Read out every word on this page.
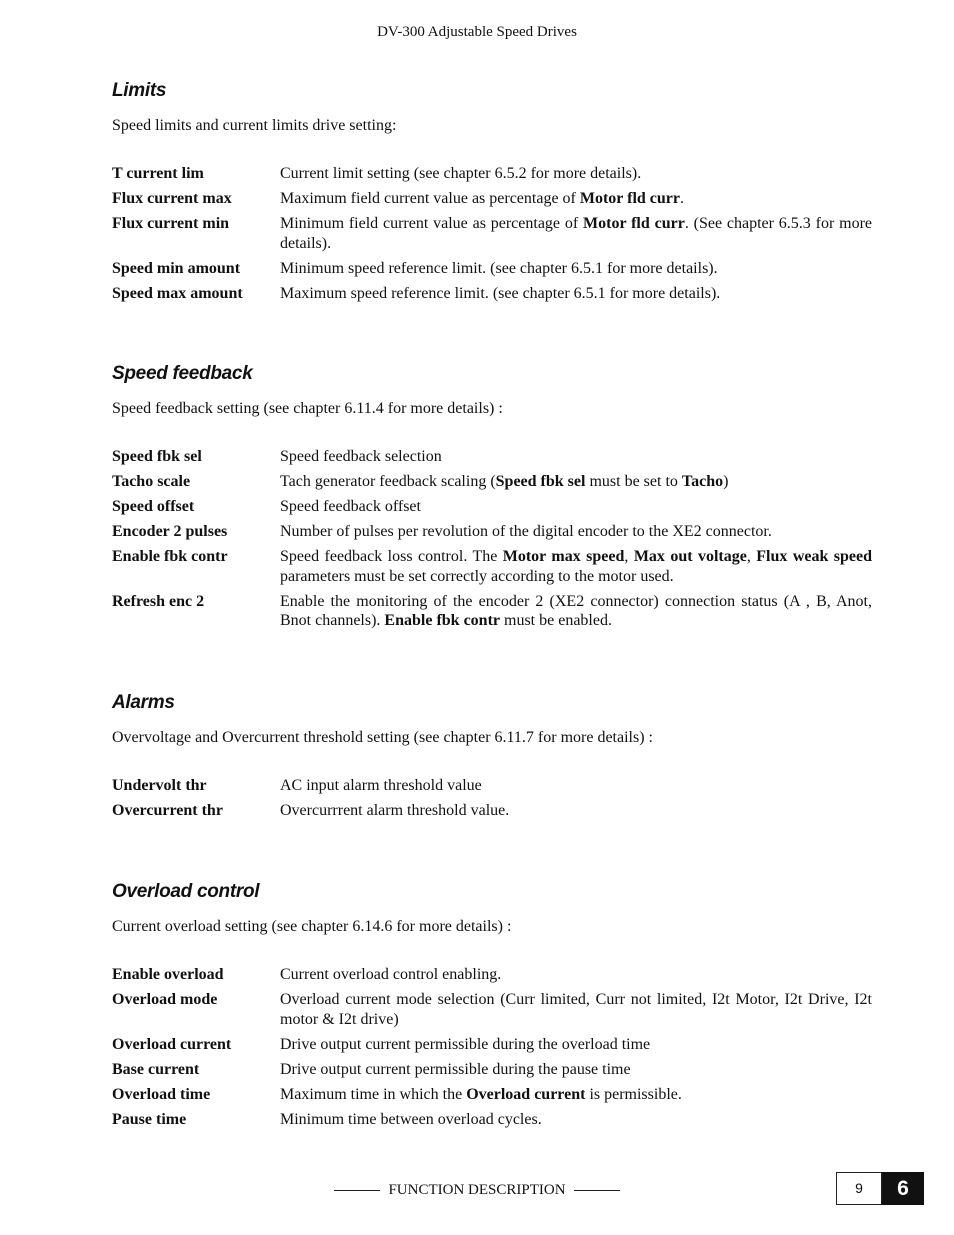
DV-300 Adjustable Speed Drives
Limits
Speed limits and current limits drive setting:
T current lim	Current limit setting (see chapter 6.5.2 for more details).
Flux current max	Maximum field current value as percentage of Motor fld curr.
Flux current min	Minimum field current value as percentage of Motor fld curr. (See chapter 6.5.3 for more details).
Speed min amount	Minimum speed reference limit. (see chapter 6.5.1 for more details).
Speed max amount	Maximum speed reference limit. (see chapter 6.5.1 for more details).
Speed feedback
Speed feedback setting (see chapter 6.11.4 for more details) :
Speed fbk sel	Speed feedback selection
Tacho scale	Tach generator feedback scaling (Speed fbk sel must be set to Tacho)
Speed offset	Speed feedback offset
Encoder 2 pulses	Number of pulses per revolution of the digital encoder to the XE2 connector.
Enable fbk contr	Speed feedback loss control. The Motor max speed, Max out voltage, Flux weak speed parameters must be set correctly according to the motor used.
Refresh enc 2	Enable the monitoring of the encoder 2 (XE2 connector) connection status (A , B, Anot, Bnot channels). Enable fbk contr must be enabled.
Alarms
Overvoltage and Overcurrent threshold setting (see chapter 6.11.7 for more details) :
Undervolt thr	AC input alarm threshold value
Overcurrent thr	Overcurrrent alarm threshold value.
Overload control
Current overload setting (see chapter 6.14.6 for more details) :
Enable overload	Current overload control enabling.
Overload mode	Overload current mode selection (Curr limited, Curr not limited, I2t Motor, I2t Drive, I2t motor & I2t drive)
Overload current	Drive output current permissible during the overload time
Base current	Drive output current permissible during the pause time
Overload time	Maximum time in which the Overload current is permissible.
Pause time	Minimum time between overload cycles.
FUNCTION DESCRIPTION	9	6
